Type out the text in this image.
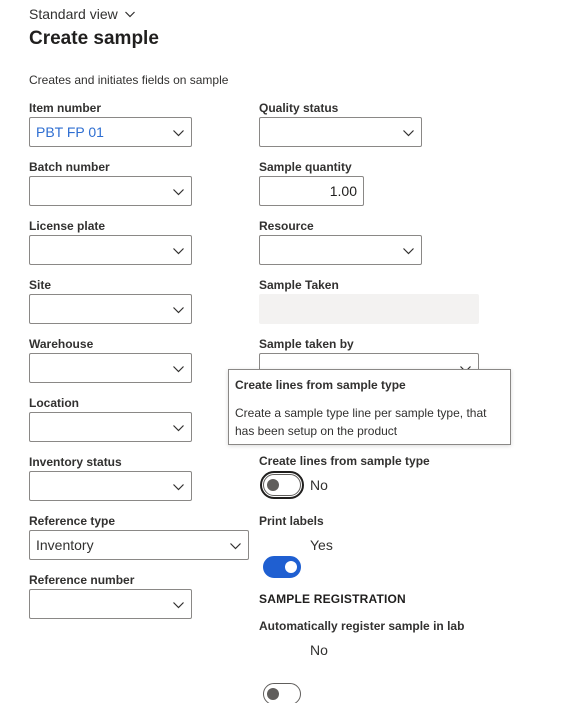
Standard view
Create sample
Creates and initiates fields on sample
Item number
PBT FP 01
Batch number
License plate
Site
Warehouse
Location
Inventory status
Reference type
Inventory
Reference number
Quality status
Sample quantity
1.00
Resource
Sample Taken
Sample taken by
Create lines from sample type
No
Print labels
Yes
SAMPLE REGISTRATION
Automatically register sample in lab
No
Create lines from sample type
Create a sample type line per sample type, that has been setup on the product
